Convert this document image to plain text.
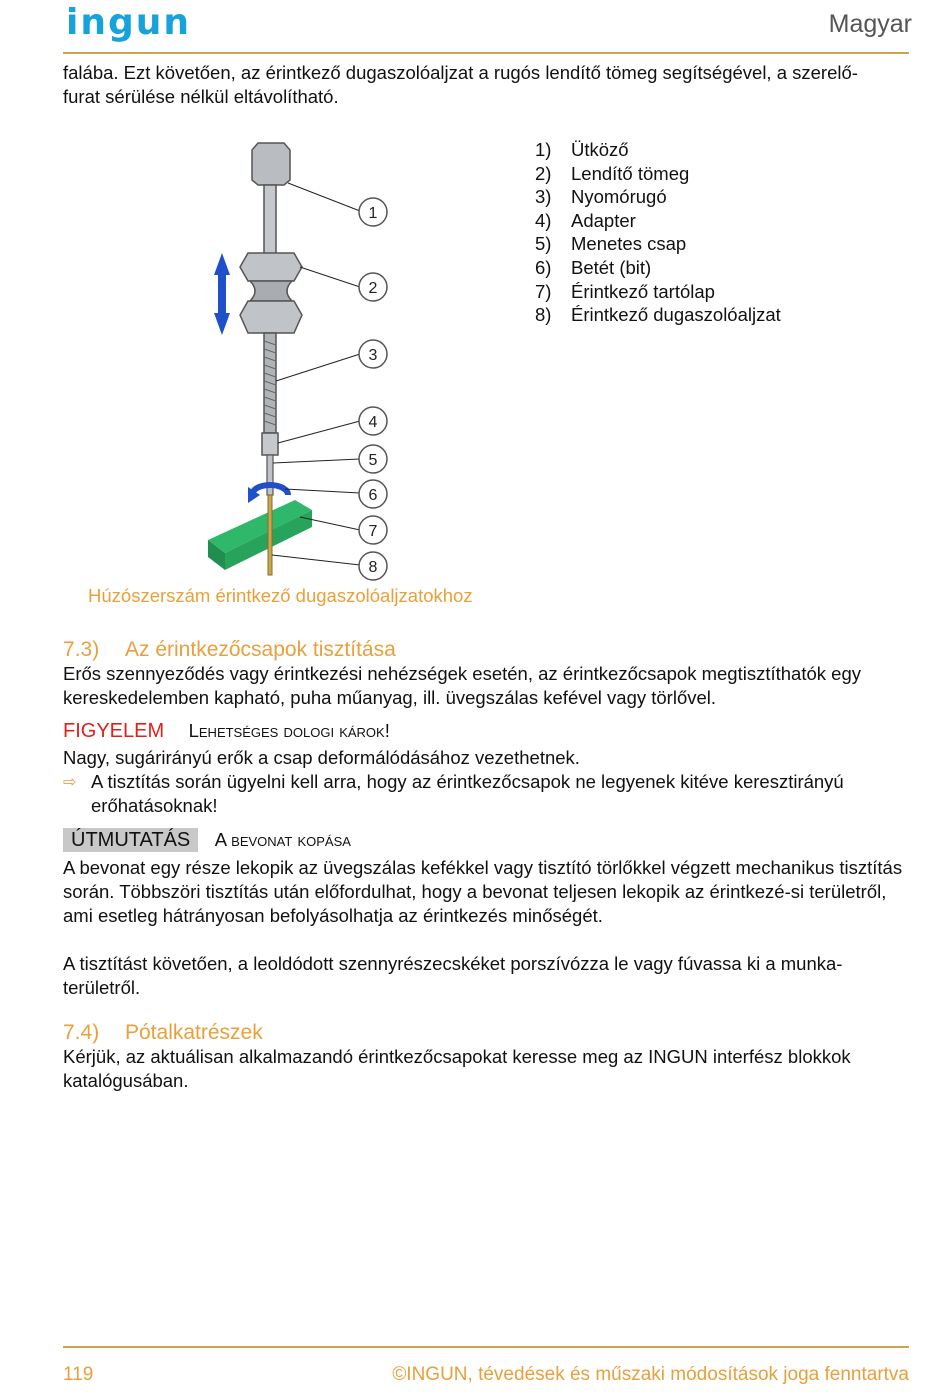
ingun	Magyar
falába. Ezt követően, az érintkező dugaszolóaljzat a rugós lendítő tömeg segítségével, a szerelő-
furat sérülése nélkül eltávolítható.
1
2
3
4
5
6
7
8
1) Ütköző
2) Lendítő tömeg
3) Nyomórugó
4) Adapter
5) Menetes csap
6) Betét (bit)
7) Érintkező tartólap
8) Érintkező dugaszolóaljzat
Húzószerszám érintkező dugaszolóaljzatokhoz
7.3) Az érintkezőcsapok tisztítása
Erős szennyeződés vagy érintkezési nehézségek esetén, az érintkezőcsapok megtisztíthatók egy kereskedelemben kapható, puha műanyag, ill. üvegszálas kefével vagy törlővel.
FIGYELEM Lehetséges dologi károk!
Nagy, sugárirányú erők a csap deformálódásához vezethetnek.
⇨ A tisztítás során ügyelni kell arra, hogy az érintkezőcsapok ne legyenek kitéve keresztirányú erőhatásoknak!
ÚTMUTATÁS A bevonat kopása
A bevonat egy része lekopik az üvegszálas kefékkel vagy tisztító törlőkkel végzett mechanikus tisztítás során. Többszöri tisztítás után előfordulhat, hogy a bevonat teljesen lekopik az érintkezé-si területről, ami esetleg hátrányosan befolyásolhatja az érintkezés minőségét.
A tisztítást követően, a leoldódott szennyrészecskéket porszívózza le vagy fúvassa ki a munka-területről.
7.4) Pótalkatrészek
Kérjük, az aktuálisan alkalmazandó érintkezőcsapokat keresse meg az INGUN interfész blokkok katalógusában.
119	©INGUN, tévedések és műszaki módosítások joga fenntartva
